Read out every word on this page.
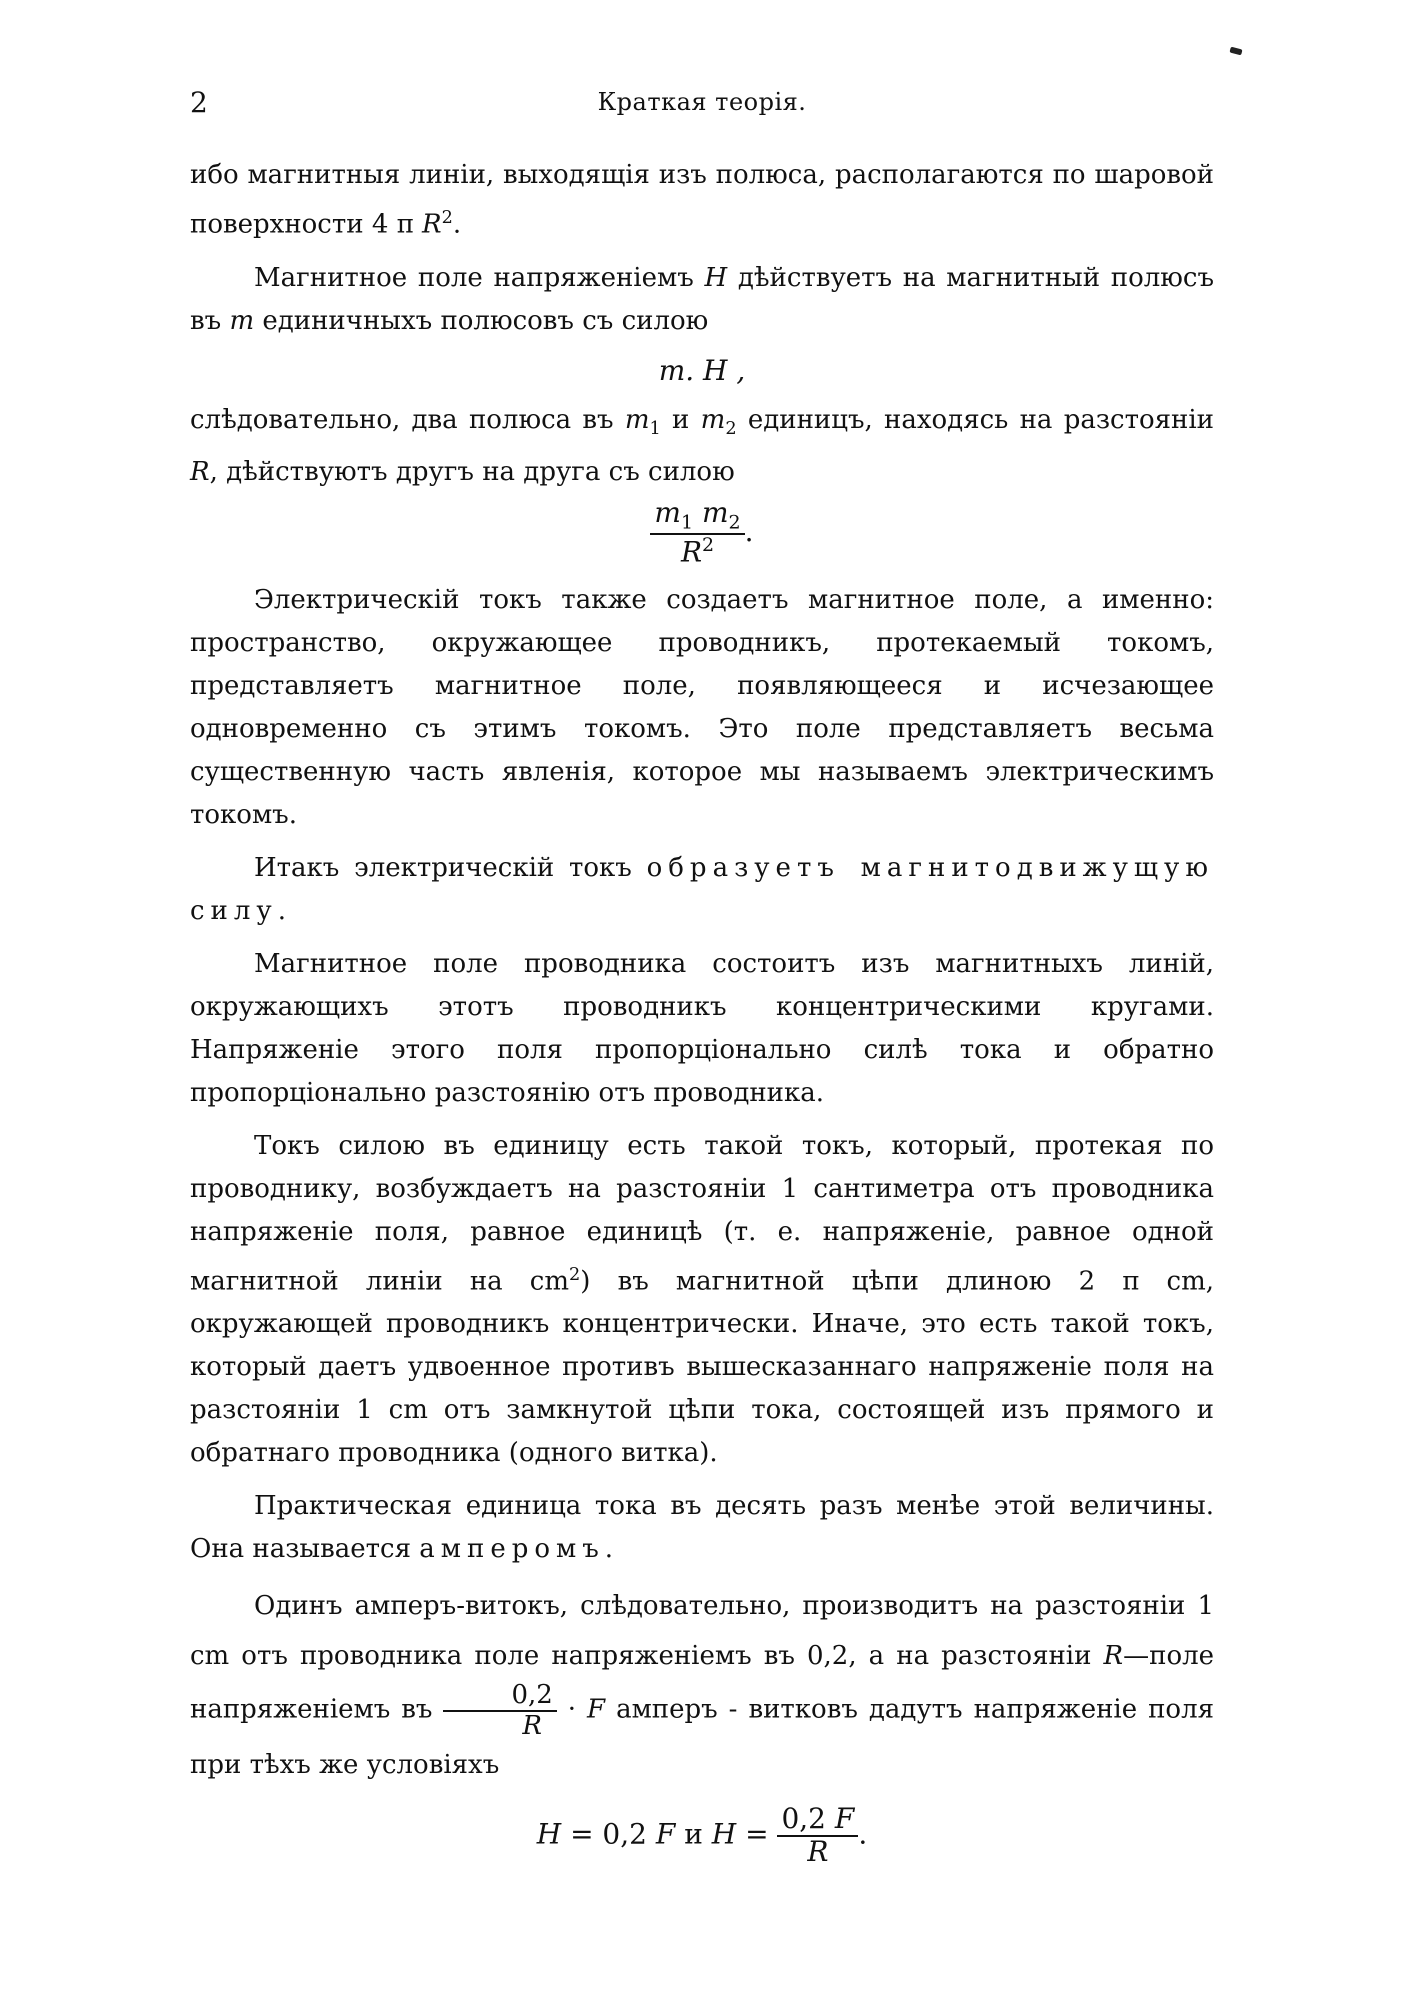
2	Краткая теорія.

ибо магнитныя линіи, выходящія изъ полюса, располагаются по шаровой поверхности 4 π $R^2$.

Магнитное поле напряженіемъ H дѣйствуетъ на магнитный полюсъ въ m единичныхъ полюсовъ съ силою

m. H ,

слѣдовательно, два полюса въ $m_1$ и $m_2$ единицъ, находясь на разстояніи R, дѣйствуютъ другъ на друга съ силою

$\frac{m_1 m_2}{R^2}$ .

Электрическій токъ также создаетъ магнитное поле, а именно: пространство, окружающее проводникъ, протекаемый токомъ, представляетъ магнитное поле, появляющееся и исчезающее одновременно съ этимъ токомъ. Это поле представляетъ весьма существенную часть явленія, которое мы называемъ электрическимъ токомъ.

Итакъ электрическій токъ образуетъ магнитодвижущую силу.

Магнитное поле проводника состоитъ изъ магнитныхъ линій, окружающихъ этотъ проводникъ концентрическими кругами. Напряженіе этого поля пропорціонально силѣ тока и обратно пропорціонально разстоянію отъ проводника.

Токъ силою въ единицу есть такой токъ, который, протекая по проводнику, возбуждаетъ на разстояніи 1 сантиметра отъ проводника напряженіе поля, равное единицѣ (т. е. напряженіе, равное одной магнитной линіи на $cm^2$) въ магнитной цѣпи длиною 2 π cm, окружающей проводникъ концентрически. Иначе, это есть такой токъ, который даетъ удвоенное противъ вышесказаннаго напряженіе поля на разстояніи 1 cm отъ замкнутой цѣпи тока, состоящей изъ прямого и обратнаго проводника (одного витка).

Практическая единица тока въ десять разъ менѣе этой величины. Она называется амперомъ.

Одинъ амперъ-витокъ, слѣдовательно, производитъ на разстояніи 1 cm отъ проводника поле напряженіемъ въ 0,2, а на разстояніи R—поле напряженіемъ въ $\frac{0,2}{R} \cdot F$ амперъ - витковъ дадутъ напряженіе поля при тѣхъ же условіяхъ

H = 0,2 F и $H = \frac{0,2 F}{R}$ .
